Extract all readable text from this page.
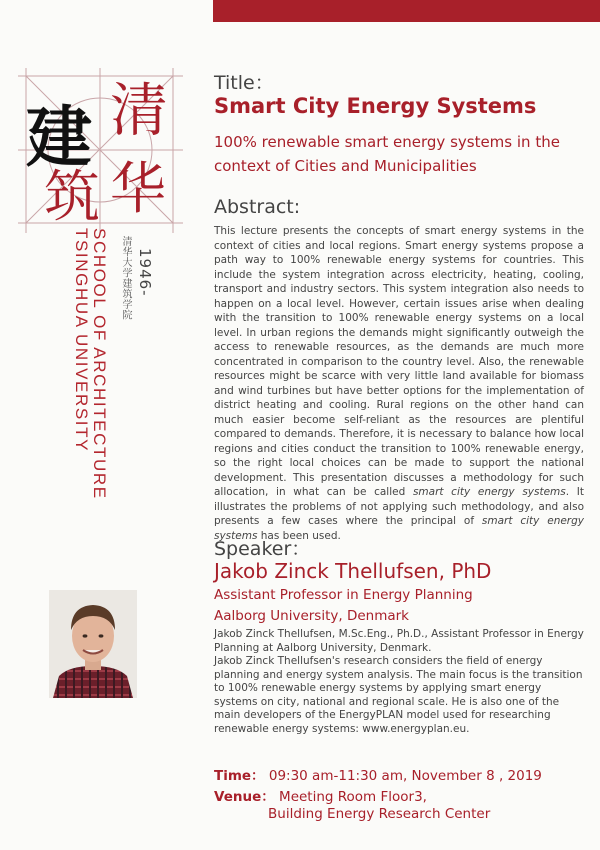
清
建
华
筑
1946-
清华大学建筑学院
SCHOOL OF ARCHITECTURE
TSINGHUA UNIVERSITY
Title：
Smart City Energy Systems
100% renewable smart energy systems in the context of Cities and Municipalities
Abstract:
This lecture presents the concepts of smart energy systems in the context of cities and local regions. Smart energy systems propose a path way to 100% renewable energy systems for countries. This include the system integration across electricity, heating, cooling, transport and industry sectors. This system integration also needs to happen on a local level. However, certain issues arise when dealing with the transition to 100% renewable energy systems on a local level. In urban regions the demands might significantly outweigh the access to renewable resources, as the demands are much more concentrated in comparison to the country level. Also, the renewable resources might be scarce with very little land available for biomass and wind turbines but have better options for the implementation of district heating and cooling. Rural regions on the other hand can much easier become self-reliant as the resources are plentiful compared to demands. Therefore, it is necessary to balance how local regions and cities conduct the transition to 100% renewable energy, so the right local choices can be made to support the national development. This presentation discusses a methodology for such allocation, in what can be called smart city energy systems. It illustrates the problems of not applying such methodology, and also presents a few cases where the principal of smart city energy systems has been used.
Speaker：
Jakob Zinck Thellufsen, PhD
Assistant Professor in Energy Planning
Aalborg University, Denmark

Jakob Zinck Thellufsen, M.Sc.Eng., Ph.D., Assistant Professor in Energy Planning at Aalborg University, Denmark.

Jakob Zinck Thellufsen's research considers the field of energy planning and energy system analysis. The main focus is the transition to 100% renewable energy systems by applying smart energy systems on city, national and regional scale. He is also one of the main developers of the EnergyPLAN model used for researching renewable energy systems: www.energyplan.eu.

Time： 09:30 am-11:30 am, November 8 , 2019
Venue： Meeting Room Floor3,
Building Energy Research Center
